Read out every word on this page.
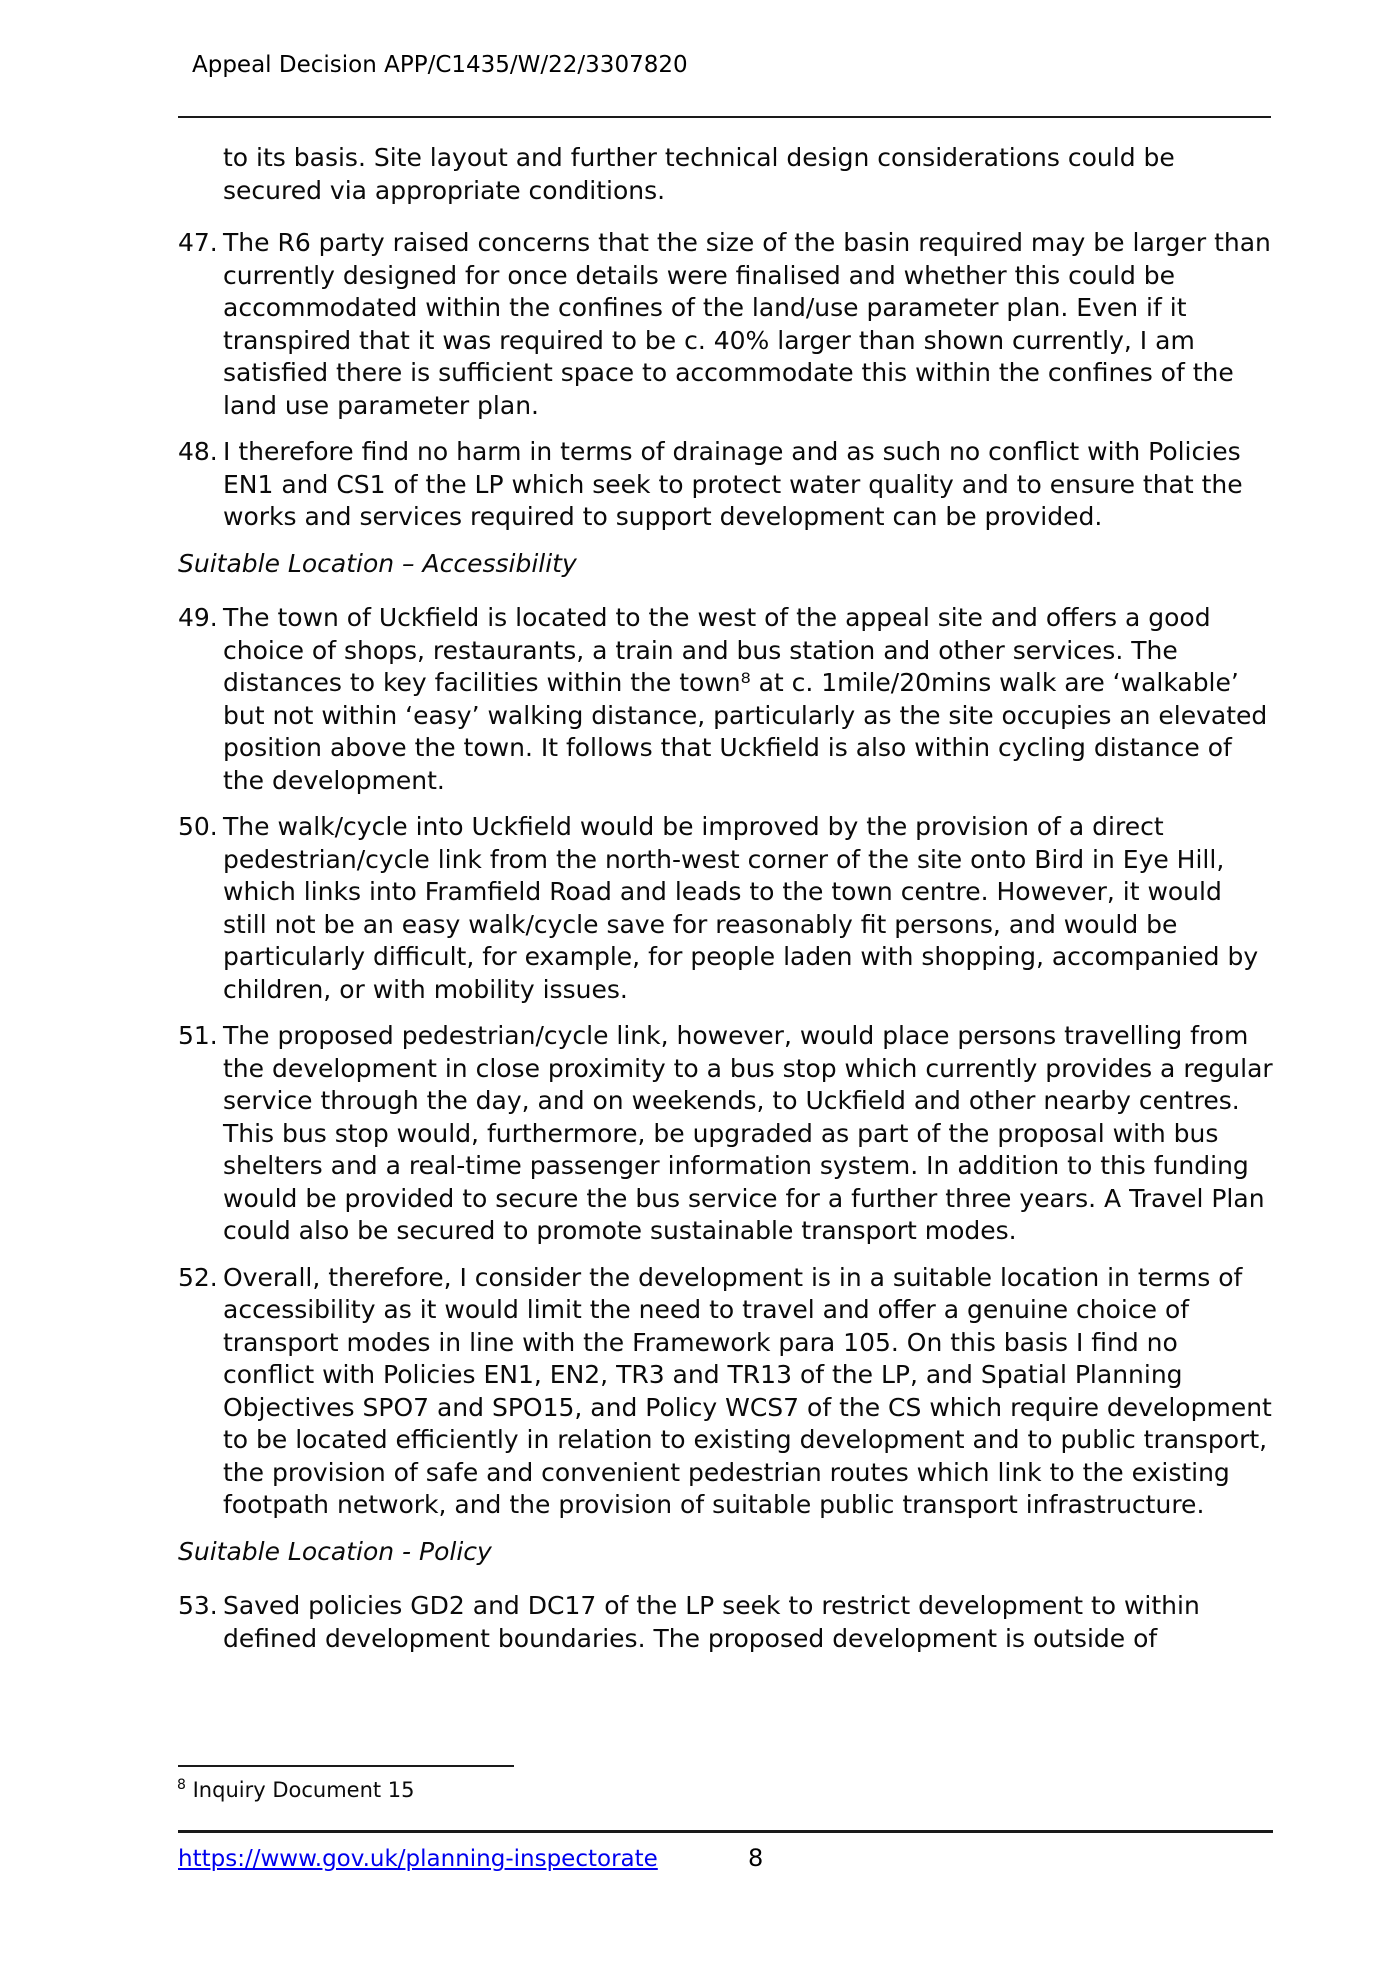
Appeal Decision APP/C1435/W/22/3307820
to its basis. Site layout and further technical design considerations could be secured via appropriate conditions.
47. The R6 party raised concerns that the size of the basin required may be larger than currently designed for once details were finalised and whether this could be accommodated within the confines of the land/use parameter plan. Even if it transpired that it was required to be c. 40% larger than shown currently, I am satisfied there is sufficient space to accommodate this within the confines of the land use parameter plan.
48. I therefore find no harm in terms of drainage and as such no conflict with Policies EN1 and CS1 of the LP which seek to protect water quality and to ensure that the works and services required to support development can be provided.
Suitable Location – Accessibility
49. The town of Uckfield is located to the west of the appeal site and offers a good choice of shops, restaurants, a train and bus station and other services. The distances to key facilities within the town⁸ at c. 1mile/20mins walk are ‘walkable’ but not within ‘easy’ walking distance, particularly as the site occupies an elevated position above the town. It follows that Uckfield is also within cycling distance of the development.
50. The walk/cycle into Uckfield would be improved by the provision of a direct pedestrian/cycle link from the north-west corner of the site onto Bird in Eye Hill, which links into Framfield Road and leads to the town centre. However, it would still not be an easy walk/cycle save for reasonably fit persons, and would be particularly difficult, for example, for people laden with shopping, accompanied by children, or with mobility issues.
51. The proposed pedestrian/cycle link, however, would place persons travelling from the development in close proximity to a bus stop which currently provides a regular service through the day, and on weekends, to Uckfield and other nearby centres. This bus stop would, furthermore, be upgraded as part of the proposal with bus shelters and a real-time passenger information system. In addition to this funding would be provided to secure the bus service for a further three years. A Travel Plan could also be secured to promote sustainable transport modes.
52. Overall, therefore, I consider the development is in a suitable location in terms of accessibility as it would limit the need to travel and offer a genuine choice of transport modes in line with the Framework para 105. On this basis I find no conflict with Policies EN1, EN2, TR3 and TR13 of the LP, and Spatial Planning Objectives SPO7 and SPO15, and Policy WCS7 of the CS which require development to be located efficiently in relation to existing development and to public transport, the provision of safe and convenient pedestrian routes which link to the existing footpath network, and the provision of suitable public transport infrastructure.
Suitable Location - Policy
53. Saved policies GD2 and DC17 of the LP seek to restrict development to within defined development boundaries. The proposed development is outside of
$^8$ Inquiry Document 15
https://www.gov.uk/planning-inspectorate	8
